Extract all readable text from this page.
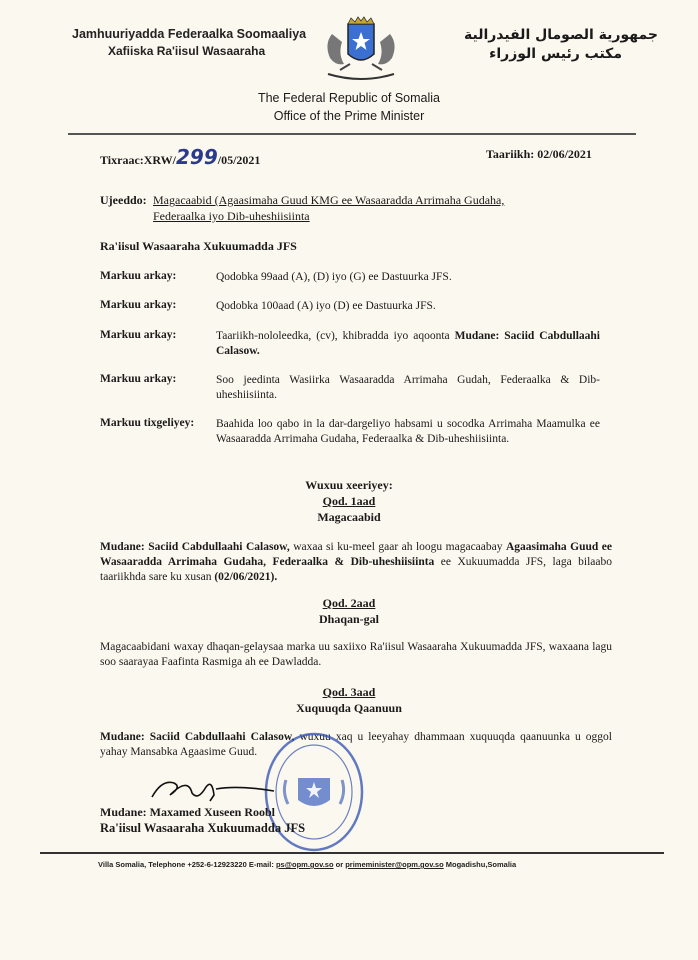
Jamhuuriyadda Federaalka Soomaaliya
Xafiiska Ra'iisul Wasaaraha
جمهورية الصومال الفيدرالية
مكتب رئيس الوزراء
The Federal Republic of Somalia
Office of the Prime Minister
Tixraac:XRW/299/05/2021	Taariikh: 02/06/2021
Ujeeddo: Magacaabid (Agaasimaha Guud KMG ee Wasaaradda Arrimaha Gudaha,
Federaalka iyo Dib-uheshiisiinta
Ra'iisul Wasaaraha Xukuumadda JFS
Markuu arkay:	Qodobka 99aad (A), (D) iyo (G) ee Dastuurka JFS.
Markuu arkay:	Qodobka 100aad (A) iyo (D) ee Dastuurka JFS.
Markuu arkay:	Taariikh-nololeedka, (cv), khibradda iyo aqoonta Mudane: Saciid Cabdullaahi Calasow.
Markuu arkay:	Soo jeedinta Wasiirka Wasaaradda Arrimaha Gudah, Federaalka & Dib-uheshiisiinta.
Markuu tixgeliyey:	Baahida loo qabo in la dar-dargeliyo habsami u socodka Arrimaha Maamulka ee Wasaaradda Arrimaha Gudaha, Federaalka & Dib-uheshiisiinta.
Wuxuu xeeriyey:
Qod. 1aad
Magacaabid
Mudane: Saciid Cabdullaahi Calasow, waxaa si ku-meel gaar ah loogu magacaabay Agaasimaha Guud ee Wasaaradda Arrimaha Gudaha, Federaalka & Dib-uheshiisiinta ee Xukuumadda JFS, laga bilaabo taariikhda sare ku xusan (02/06/2021).
Qod. 2aad
Dhaqan-gal
Magacaabidani waxay dhaqan-gelaysaa marka uu saxiixo Ra'iisul Wasaaraha Xukuumadda JFS, waxaana lagu soo saarayaa Faafinta Rasmiga ah ee Dawladda.
Qod. 3aad
Xuquuqda Qaanuun
Mudane: Saciid Cabdullaahi Calasow, wuxuu xaq u leeyahay dhammaan xuquuqda qaanuunka u oggol yahay Mansabka Agaasime Guud.
Mudane: Maxamed Xuseen Roobl
Ra'iisul Wasaaraha Xukuumadda JFS
Villa Somalia, Telephone +252-6-12923220 E-mail: ps@opm.gov.so or primeminister@opm.gov.so Mogadishu,Somalia
